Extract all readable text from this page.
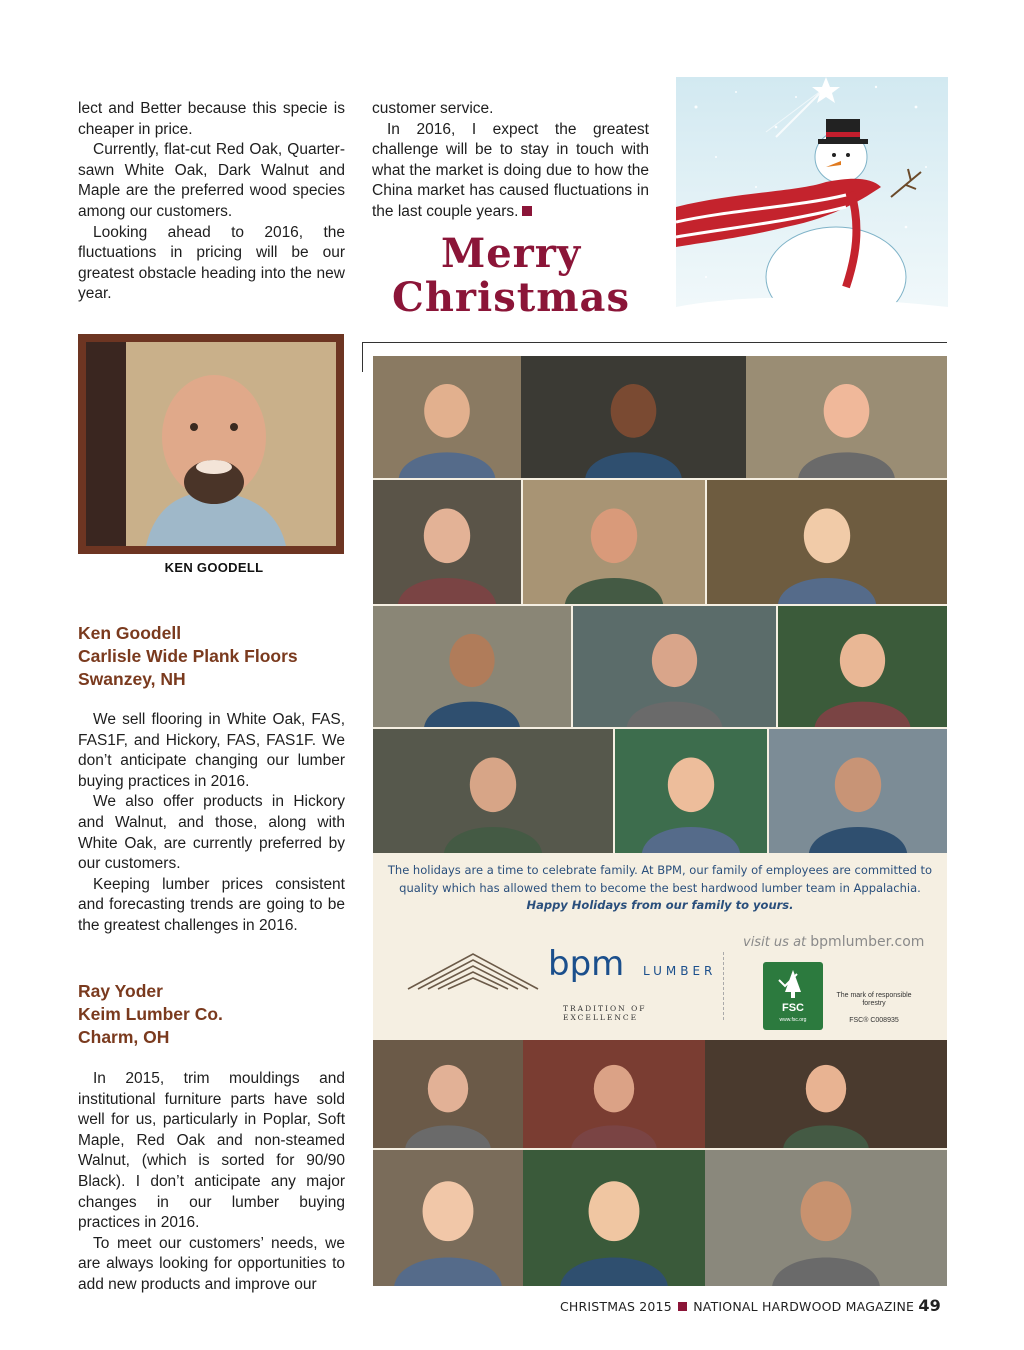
lect and Better because this specie is cheaper in price.

Currently, flat-cut Red Oak, Quarter-sawn White Oak, Dark Walnut and Maple are the preferred wood species among our customers.

Looking ahead to 2016, the fluctuations in pricing will be our greatest obstacle heading into the new year.

customer service.

In 2016, I expect the greatest challenge will be to stay in touch with what the market is doing due to how the China market has caused fluctuations in the last couple years.

Merry
Christmas
KEN GOODELL
Ken Goodell
Carlisle Wide Plank Floors
Swanzey, NH

We sell flooring in White Oak, FAS, FAS1F, and Hickory, FAS, FAS1F. We don’t anticipate changing our lumber buying practices in 2016.

We also offer products in Hickory and Walnut, and those, along with White Oak, are currently preferred by our customers.

Keeping lumber prices consistent and forecasting trends are going to be the greatest challenges in 2016.

Ray Yoder
Keim Lumber Co.
Charm, OH

In 2015, trim mouldings and institutional furniture parts have sold well for us, particularly in Poplar, Soft Maple, Red Oak and non-steamed Walnut, (which is sorted for 90/90 Black). I don’t anticipate any major changes in our lumber buying practices in 2016.

To meet our customers’ needs, we are always looking for opportunities to add new products and improve our

The holidays are a time to celebrate family. At BPM, our family of employees are committed to quality which has allowed them to become the best hardwood lumber team in Appalachia. Happy Holidays from our family to yours.
visit us at bpmlumber.com
bpm LUMBER
TRADITION OF EXCELLENCE
FSC
www.fsc.org
The mark of responsible forestry
FSC® C008935
CHRISTMAS 2015 NATIONAL HARDWOOD MAGAZINE 49
